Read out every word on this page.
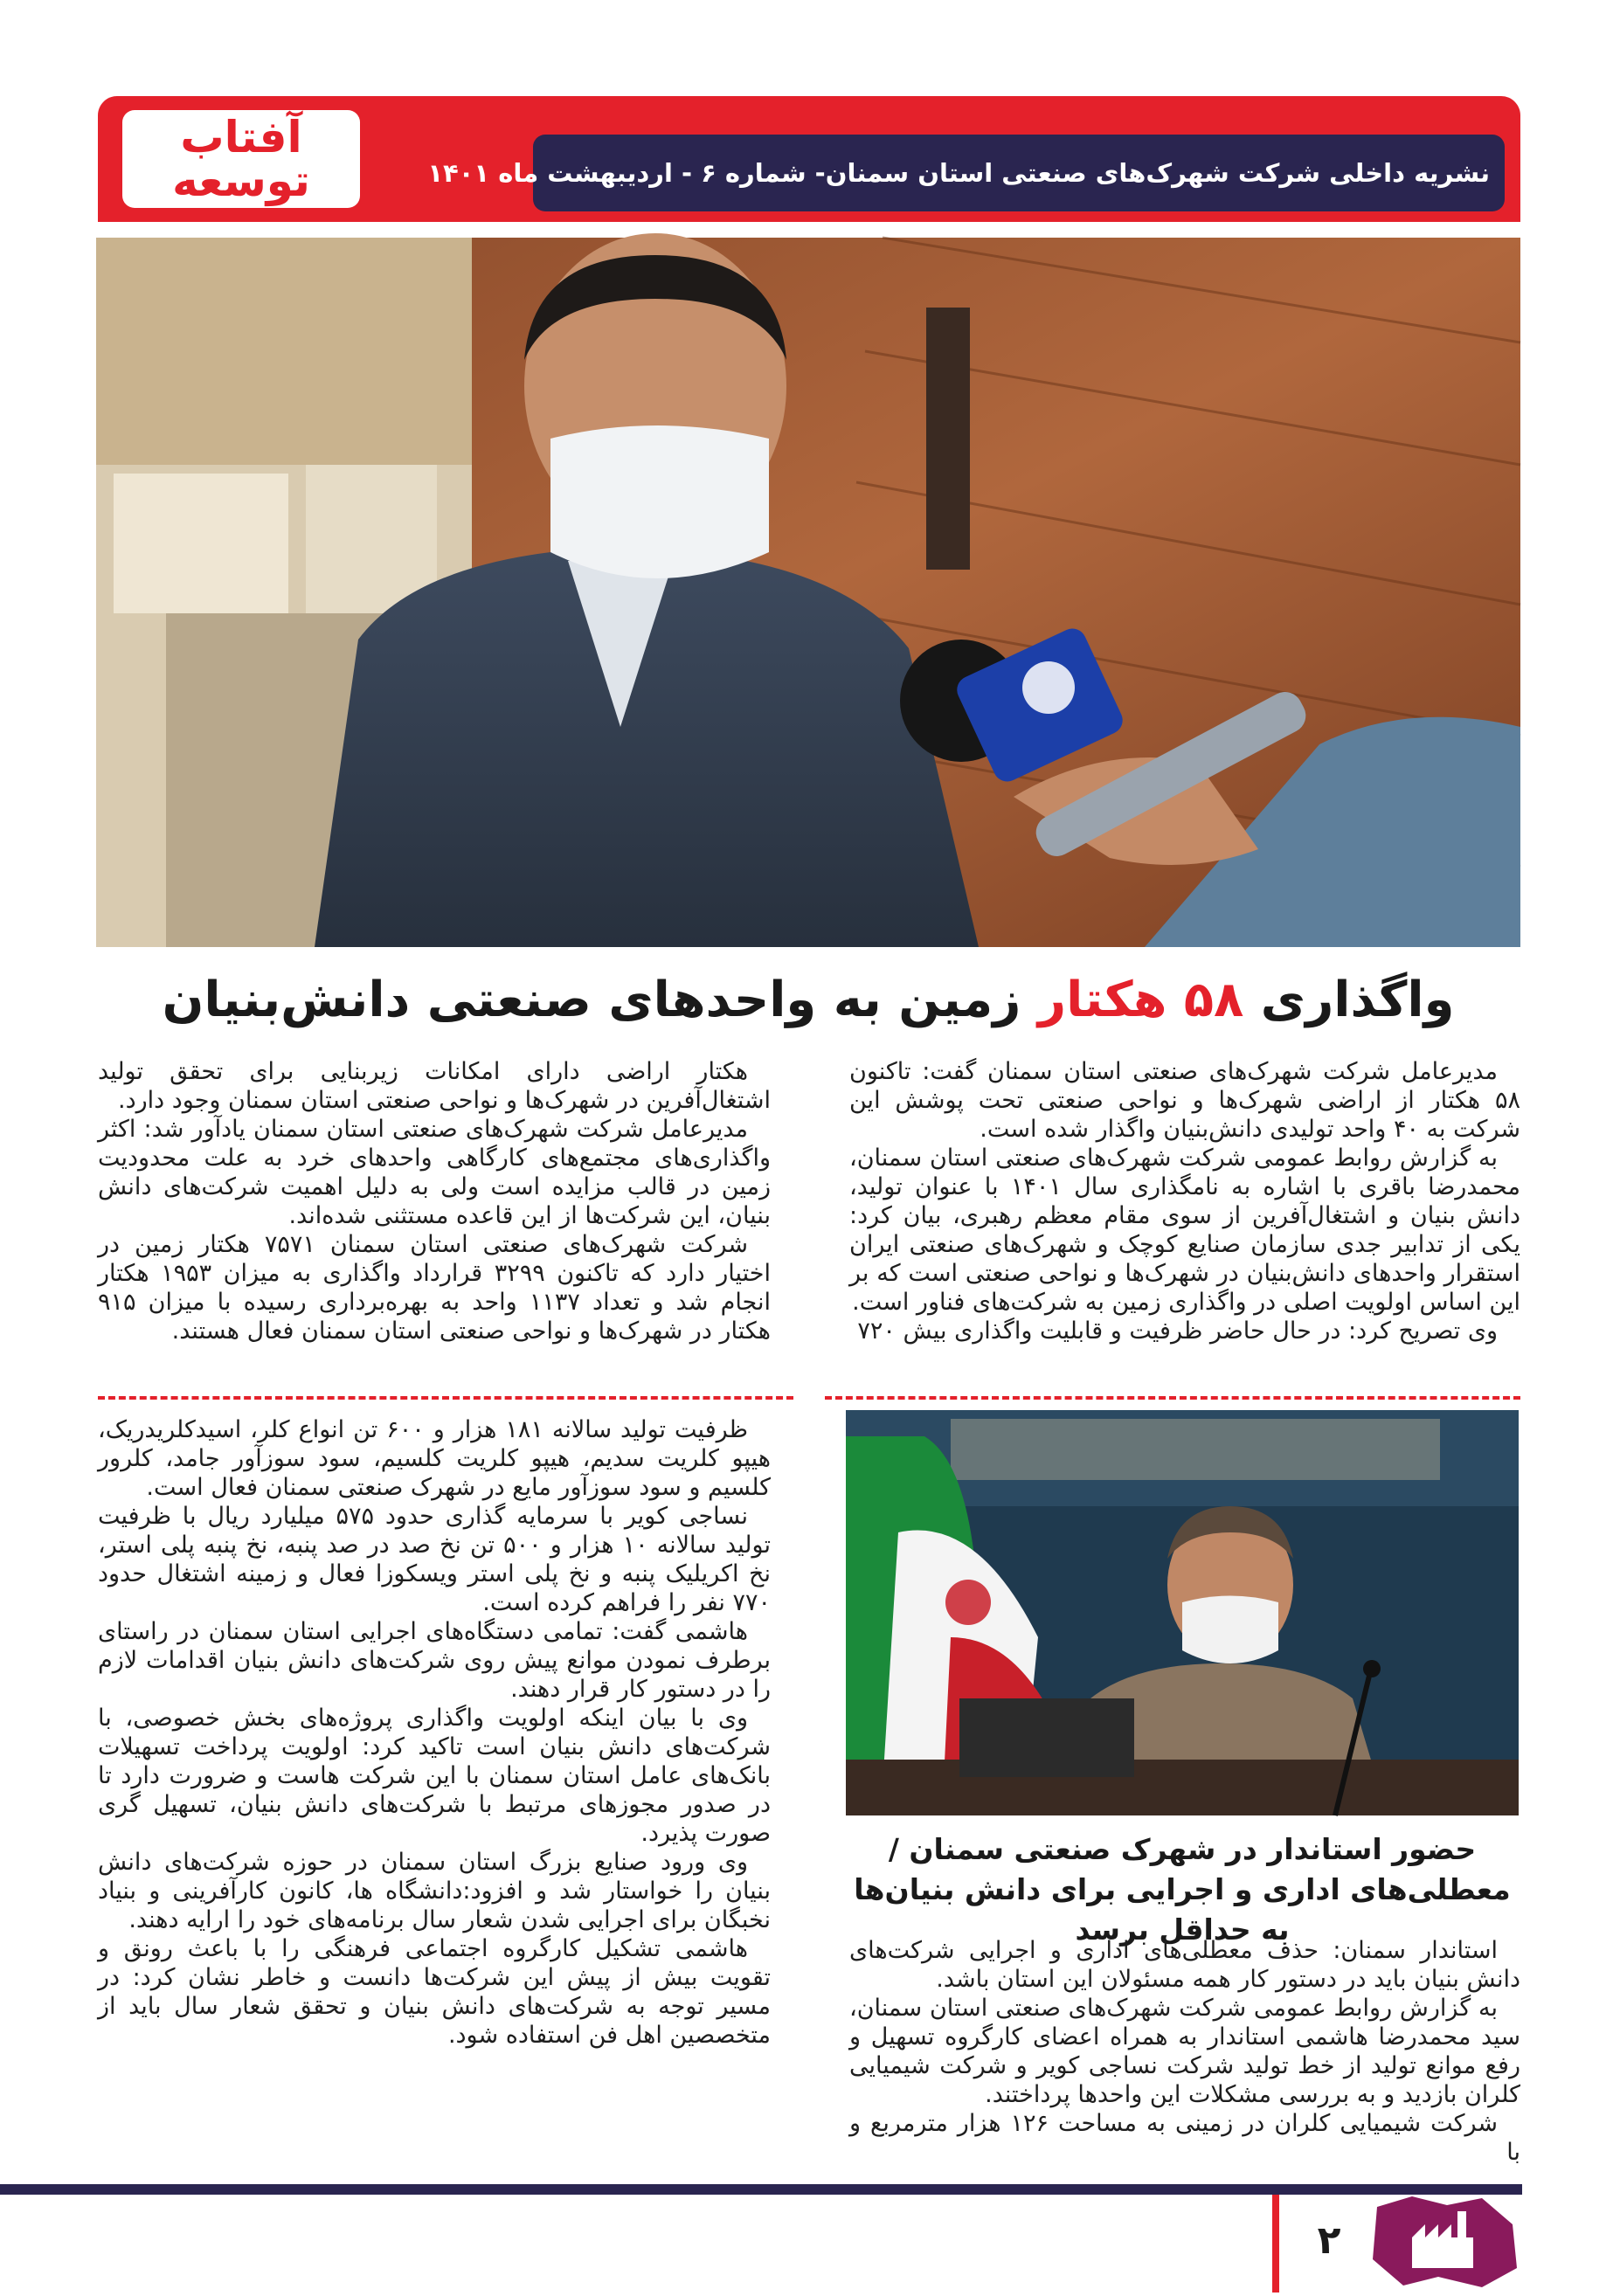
نشریه داخلی شرکت شهرک‌های صنعتی استان سمنان- شماره ۶ - اردیبهشت ماه ۱۴۰۱
آفتاب
توسعه
واگذاری ۵۸ هکتار زمین به واحدهای صنعتی دانش‌بنیان

مدیرعامل شرکت شهرک‌های صنعتی استان سمنان گفت: تاکنون ۵۸ هکتار از اراضی شهرک‌ها و نواحی صنعتی تحت پوشش این شرکت به ۴۰ واحد تولیدی دانش‌بنیان واگذار شده است.

به گزارش روابط عمومی شرکت شهرک‌های صنعتی استان سمنان، محمدرضا باقری با اشاره به نامگذاری سال ۱۴۰۱ با عنوان تولید، دانش بنیان و اشتغال‌آفرین از سوی مقام معظم رهبری، بیان کرد: یکی از تدابیر جدی سازمان صنایع کوچک و شهرک‌های صنعتی ایران استقرار واحدهای دانش‌بنیان در شهرک‌ها و نواحی صنعتی است که بر این اساس اولویت اصلی در واگذاری زمین به شرکت‌های فناور است.

وی تصریح کرد: در حال حاضر ظرفیت و قابلیت واگذاری بیش ۷۲۰

هکتار اراضی دارای امکانات زیربنایی برای تحقق تولید اشتغال‌آفرین در شهرک‌ها و نواحی صنعتی استان سمنان وجود دارد.

مدیرعامل شرکت شهرک‌های صنعتی استان سمنان یادآور شد: اکثر واگذاری‌های مجتمع‌های کارگاهی واحدهای خرد به علت محدودیت زمین در قالب مزایده است ولی به دلیل اهمیت شرکت‌های دانش بنیان، این شرکت‌ها از این قاعده مستثنی شده‌اند.

شرکت شهرک‌های صنعتی استان سمنان ۷۵۷۱ هکتار زمین در اختیار دارد که تاکنون ۳۲۹۹ قرارداد واگذاری به میزان ۱۹۵۳ هکتار انجام شد و تعداد ۱۱۳۷ واحد به بهره‌برداری رسیده با میزان ۹۱۵ هکتار در شهرک‌ها و نواحی صنعتی استان سمنان فعال هستند.

حضور استاندار در شهرک صنعتی سمنان / معطلی‌های اداری و اجرایی برای دانش بنیان‌ها به حداقل برسد

استاندار سمنان: حذف معطلی‌های اداری و اجرایی شرکت‌های دانش بنیان باید در دستور کار همه مسئولان این استان باشد.

به گزارش روابط عمومی شرکت شهرک‌های صنعتی استان سمنان، سید محمدرضا هاشمی استاندار به همراه اعضای کارگروه تسهیل و رفع موانع تولید از خط تولید شرکت نساجی کویر و شرکت شیمیایی کلران بازدید و به بررسی مشکلات این واحدها پرداختند.

شرکت شیمیایی کلران در زمینی به مساحت ۱۲۶ هزار مترمربع و با

ظرفیت تولید سالانه ۱۸۱ هزار و ۶۰۰ تن انواع کلر، اسیدکلریدریک، هیپو کلریت سدیم، هیپو کلریت کلسیم، سود سوزآور جامد، کلرور کلسیم و سود سوزآور مایع در شهرک صنعتی سمنان فعال است.

نساجی کویر با سرمایه گذاری حدود ۵۷۵ میلیارد ریال با ظرفیت تولید سالانه ۱۰ هزار و ۵۰۰ تن نخ صد در صد پنبه، نخ پنبه پلی استر، نخ اکریلیک پنبه و نخ پلی استر ویسکوزا فعال و زمینه اشتغال حدود ۷۷۰ نفر را فراهم کرده است.

هاشمی گفت: تمامی دستگاه‌های اجرایی استان سمنان در راستای برطرف نمودن موانع پیش روی شرکت‌های دانش بنیان اقدامات لازم را در دستور کار قرار دهند.

وی با بیان اینکه اولویت واگذاری پروژه‌های بخش خصوصی، با شرکت‌های دانش بنیان است تاکید کرد: اولویت پرداخت تسهیلات بانک‌های عامل استان سمنان با این شرکت هاست و ضرورت دارد تا در صدور مجوزهای مرتبط با شرکت‌های دانش بنیان، تسهیل گری صورت پذیرد.

وی ورود صنایع بزرگ استان سمنان در حوزه شرکت‌های دانش بنیان را خواستار شد و افزود:دانشگاه ها، کانون کارآفرینی و بنیاد نخبگان برای اجرایی شدن شعار سال برنامه‌های خود را ارایه دهند.

هاشمی تشکیل کارگروه اجتماعی فرهنگی را با باعث رونق و تقویت بیش از پیش این شرکت‌ها دانست و خاطر نشان کرد: در مسیر توجه به شرکت‌های دانش بنیان و تحقق شعار سال باید از متخصصین اهل فن استفاده شود.

۲
